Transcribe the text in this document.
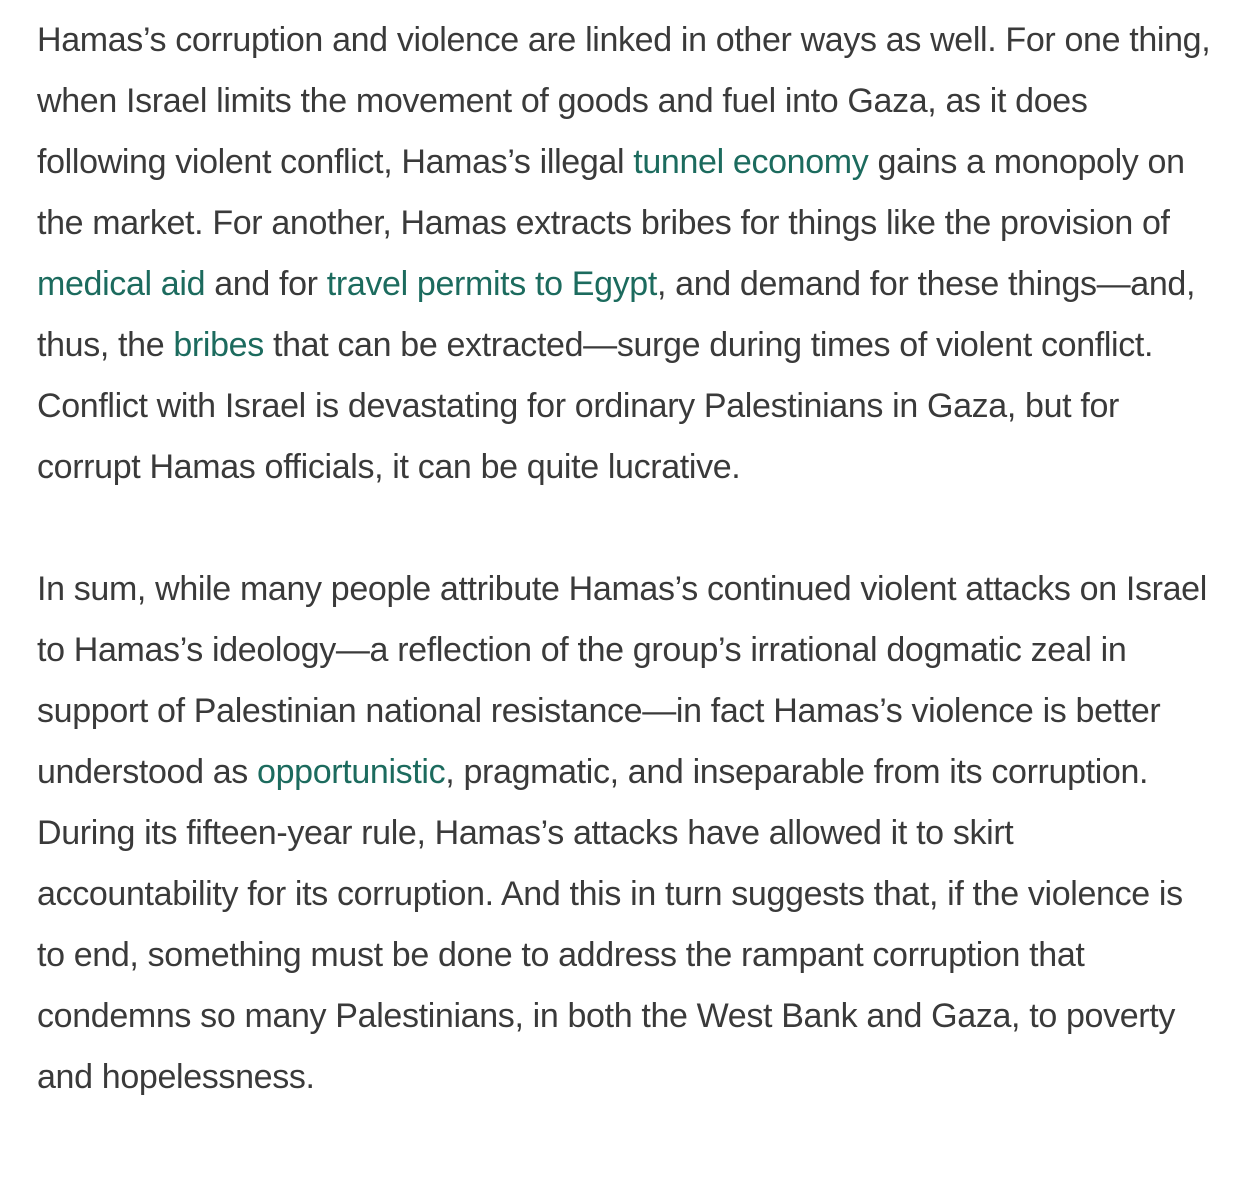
Hamas’s corruption and violence are linked in other ways as well. For one thing, when Israel limits the movement of goods and fuel into Gaza, as it does following violent conflict, Hamas’s illegal tunnel economy gains a monopoly on the market. For another, Hamas extracts bribes for things like the provision of medical aid and for travel permits to Egypt, and demand for these things—and, thus, the bribes that can be extracted—surge during times of violent conflict. Conflict with Israel is devastating for ordinary Palestinians in Gaza, but for corrupt Hamas officials, it can be quite lucrative.

In sum, while many people attribute Hamas’s continued violent attacks on Israel to Hamas’s ideology—a reflection of the group’s irrational dogmatic zeal in support of Palestinian national resistance—in fact Hamas’s violence is better understood as opportunistic, pragmatic, and inseparable from its corruption. During its fifteen-year rule, Hamas’s attacks have allowed it to skirt accountability for its corruption. And this in turn suggests that, if the violence is to end, something must be done to address the rampant corruption that condemns so many Palestinians, in both the West Bank and Gaza, to poverty and hopelessness.
